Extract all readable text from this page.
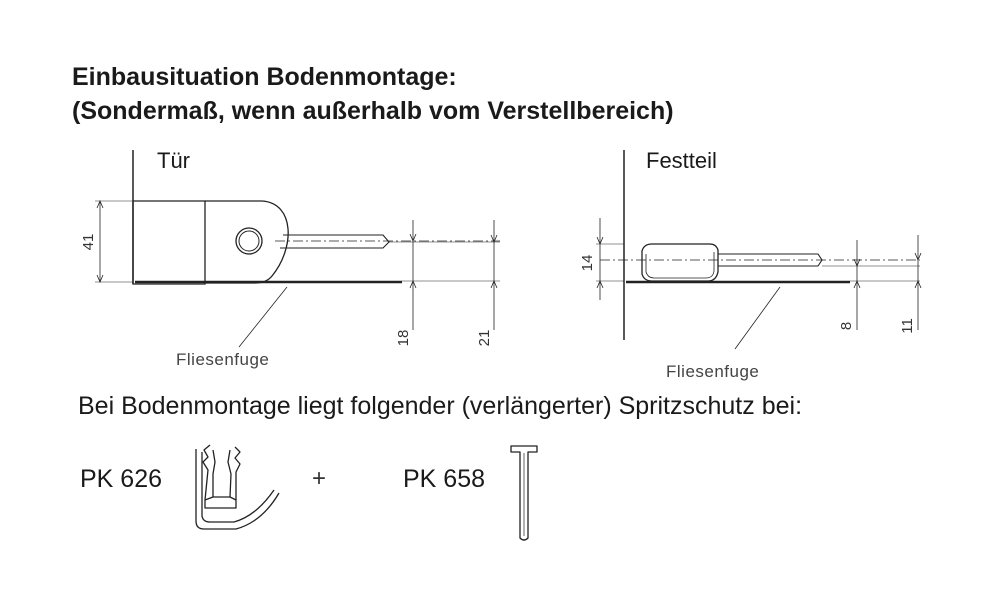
Einbausituation Bodenmontage:
(Sondermaß, wenn außerhalb vom Verstellbereich)
Tür	Festteil
41
18	21
Fliesenfuge
14
8	11
Fliesenfuge
Bei Bodenmontage liegt folgender (verlängerter) Spritzschutz bei:
PK 626	+	PK 658
